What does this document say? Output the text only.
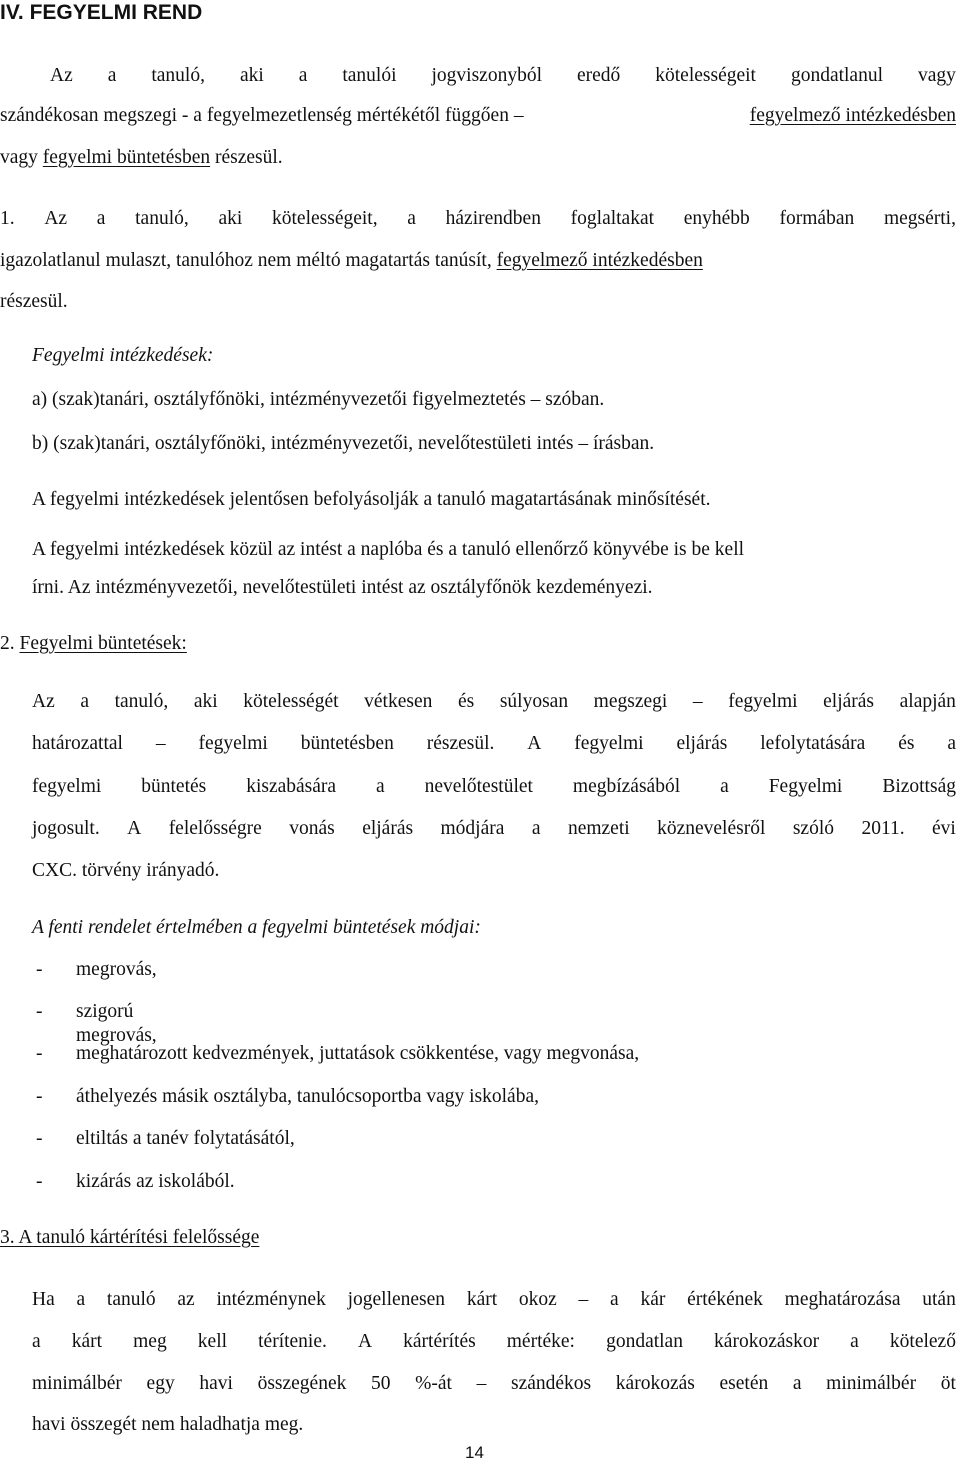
IV. FEGYELMI REND
Az a tanuló, aki a tanulói jogviszonyból eredő kötelességeit gondatlanul vagy
szándékosan megszegi - a fegyelmezetlenség mértékétől függően –	fegyelmező intézkedésben
vagy fegyelmi büntetésben részesül.
1. Az a tanuló, aki kötelességeit, a házirendben foglaltakat enyhébb formában megsérti,
igazolatlanul mulaszt, tanulóhoz nem méltó magatartás tanúsít, fegyelmező intézkedésben
részesül.
Fegyelmi intézkedések:
a) (szak)tanári, osztályfőnöki, intézményvezetői figyelmeztetés – szóban.
b) (szak)tanári, osztályfőnöki, intézményvezetői, nevelőtestületi intés – írásban.
A fegyelmi intézkedések jelentősen befolyásolják a tanuló magatartásának minősítését.
A fegyelmi intézkedések közül az intést a naplóba és a tanuló ellenőrző könyvébe is be kell
írni. Az intézményvezetői, nevelőtestületi intést az osztályfőnök kezdeményezi.
2. Fegyelmi büntetések:
Az a tanuló, aki kötelességét vétkesen és súlyosan megszegi – fegyelmi eljárás alapján
határozattal – fegyelmi büntetésben részesül. A fegyelmi eljárás lefolytatására és a
fegyelmi büntetés kiszabására a nevelőtestület megbízásából a Fegyelmi Bizottság
jogosult. A felelősségre vonás eljárás módjára a nemzeti köznevelésről szóló 2011. évi
CXC. törvény irányadó.
A fenti rendelet értelmében a fegyelmi büntetések módjai:
- megrovás,
- szigorú megrovás,
- meghatározott kedvezmények, juttatások csökkentése, vagy megvonása,
- áthelyezés másik osztályba, tanulócsoportba vagy iskolába,
- eltiltás a tanév folytatásától,
- kizárás az iskolából.
3. A tanuló kártérítési felelőssége
Ha a tanuló az intézménynek jogellenesen kárt okoz – a kár értékének meghatározása után
a kárt meg kell térítenie. A kártérítés mértéke: gondatlan károkozáskor a kötelező
minimálbér egy havi összegének 50 %-át – szándékos károkozás esetén a minimálbér öt
havi összegét nem haladhatja meg.
14
